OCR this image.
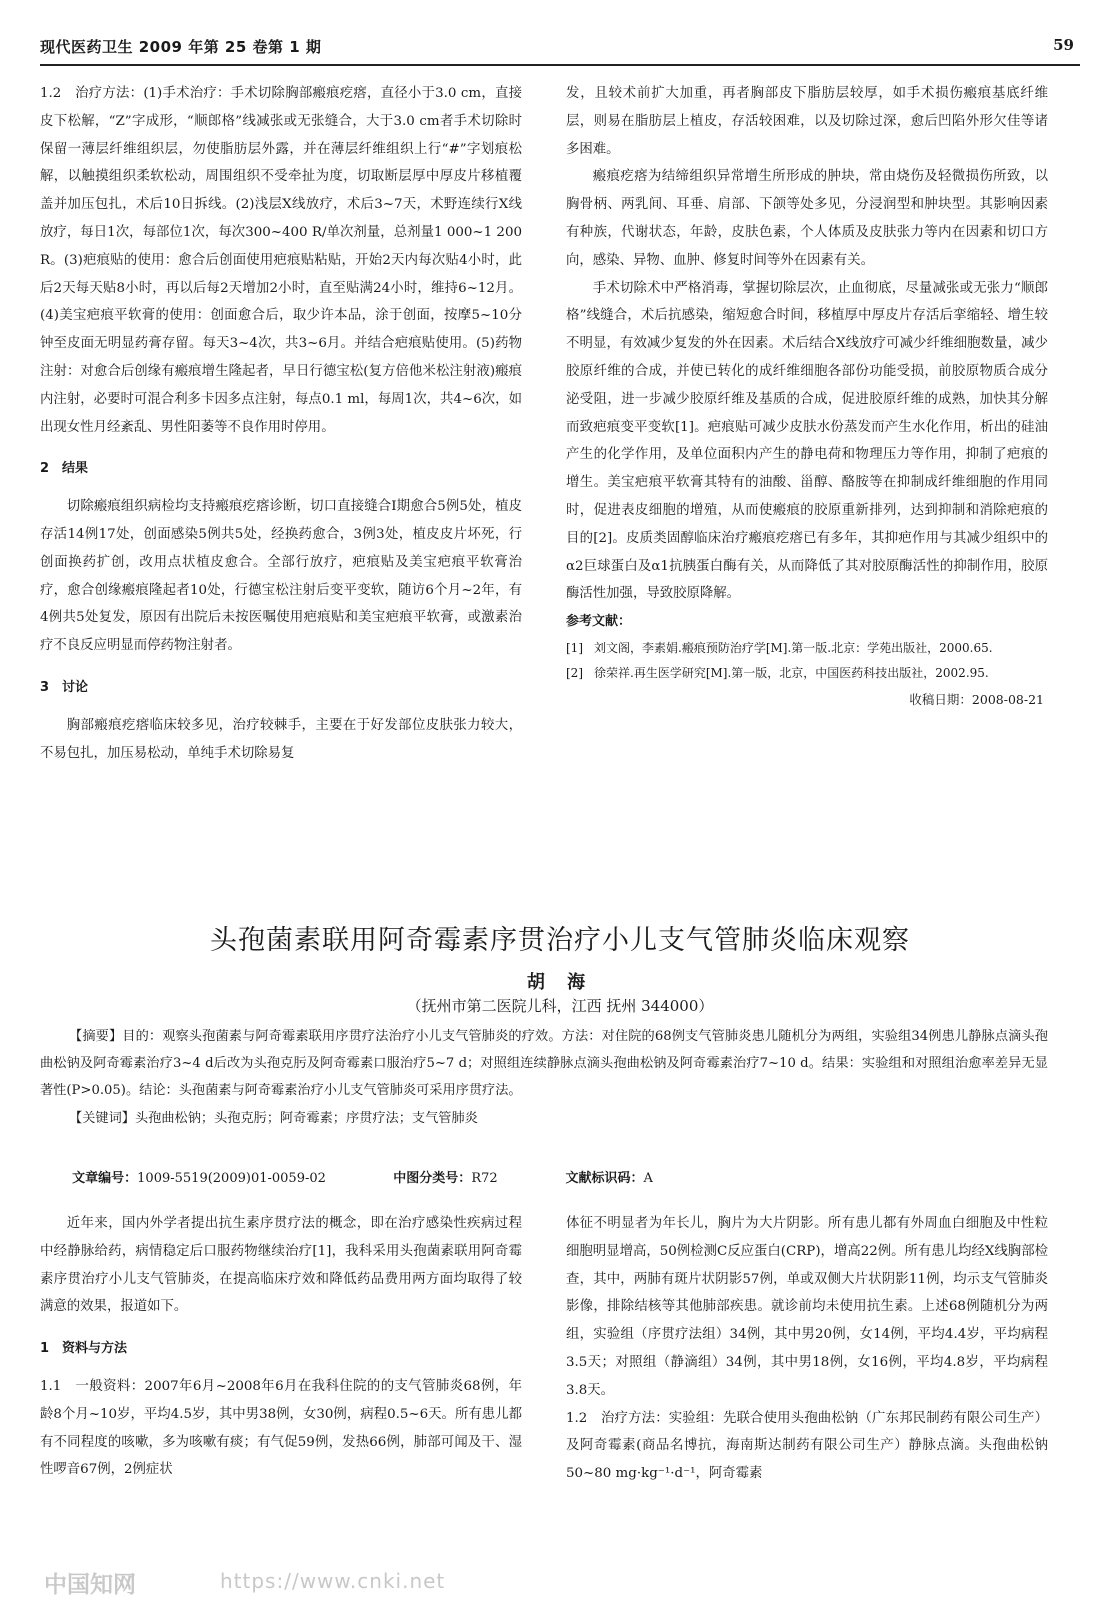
现代医药卫生 2009 年第 25 卷第 1 期	59

1.2　治疗方法：(1)手术治疗：手术切除胸部瘢痕疙瘩，直径小于3.0 cm，直接皮下松解，“Z”字成形，“顺郎格”线减张或无张缝合，大于3.0 cm者手术切除时保留一薄层纤维组织层，勿使脂肪层外露，并在薄层纤维组织上行“#”字划痕松解，以触摸组织柔软松动，周围组织不受牵扯为度，切取断层厚中厚皮片移植覆盖并加压包扎，术后10日拆线。(2)浅层X线放疗，术后3~7天，术野连续行X线放疗，每日1次，每部位1次，每次300~400 R/单次剂量，总剂量1 000~1 200 R。(3)疤痕贴的使用：愈合后创面使用疤痕贴粘贴，开始2天内每次贴4小时，此后2天每天贴8小时，再以后每2天增加2小时，直至贴满24小时，维持6~12月。(4)美宝疤痕平软膏的使用：创面愈合后，取少许本品，涂于创面，按摩5~10分钟至皮面无明显药膏存留。每天3~4次，共3~6月。并结合疤痕贴使用。(5)药物注射：对愈合后创缘有瘢痕增生隆起者，早日行德宝松(复方倍他米松注射液)瘢痕内注射，必要时可混合利多卡因多点注射，每点0.1 ml，每周1次，共4~6次，如出现女性月经紊乱、男性阳萎等不良作用时停用。

2　结果

切除瘢痕组织病检均支持瘢痕疙瘩诊断，切口直接缝合Ⅰ期愈合5例5处，植皮存活14例17处，创面感染5例共5处，经换药愈合，3例3处，植皮皮片坏死，行创面换药扩创，改用点状植皮愈合。全部行放疗，疤痕贴及美宝疤痕平软膏治疗，愈合创缘瘢痕隆起者10处，行德宝松注射后变平变软，随访6个月~2年，有4例共5处复发，原因有出院后未按医嘱使用疤痕贴和美宝疤痕平软膏，或激素治疗不良反应明显而停药物注射者。

3　讨论

胸部瘢痕疙瘩临床较多见，治疗较棘手，主要在于好发部位皮肤张力较大，不易包扎，加压易松动，单纯手术切除易复

发，且较术前扩大加重，再者胸部皮下脂肪层较厚，如手术损伤瘢痕基底纤维层，则易在脂肪层上植皮，存活较困难，以及切除过深，愈后凹陷外形欠佳等诸多困难。

瘢痕疙瘩为结缔组织异常增生所形成的肿块，常由烧伤及轻微损伤所致，以胸骨柄、两乳间、耳垂、肩部、下颌等处多见，分浸润型和肿块型。其影响因素有种族，代谢状态，年龄，皮肤色素，个人体质及皮肤张力等内在因素和切口方向，感染、异物、血肿、修复时间等外在因素有关。

手术切除术中严格消毒，掌握切除层次，止血彻底，尽量减张或无张力“顺郎格”线缝合，术后抗感染，缩短愈合时间，移植厚中厚皮片存活后挛缩轻、增生较不明显，有效减少复发的外在因素。术后结合X线放疗可减少纤维细胞数量，减少胶原纤维的合成，并使已转化的成纤维细胞各部份功能受损，前胶原物质合成分泌受阻，进一步减少胶原纤维及基质的合成，促进胶原纤维的成熟，加快其分解而致疤痕变平变软[1]。疤痕贴可减少皮肤水份蒸发而产生水化作用，析出的硅油产生的化学作用，及单位面积内产生的静电荷和物理压力等作用，抑制了疤痕的增生。美宝疤痕平软膏其特有的油酸、甾醇、酪胺等在抑制成纤维细胞的作用同时，促进表皮细胞的增殖，从而使瘢痕的胶原重新排列，达到抑制和消除疤痕的目的[2]。皮质类固醇临床治疗瘢痕疙瘩已有多年，其抑疤作用与其减少组织中的α2巨球蛋白及α1抗胰蛋白酶有关，从而降低了其对胶原酶活性的抑制作用，胶原酶活性加强，导致胶原降解。

参考文献：
[1] 刘文阁，李素娟.瘢痕预防治疗学[M].第一版.北京：学苑出版社，2000.65.
[2] 徐荣祥.再生医学研究[M].第一版，北京，中国医药科技出版社，2002.95.
收稿日期：2008-08-21
头孢菌素联用阿奇霉素序贯治疗小儿支气管肺炎临床观察
胡 海
（抚州市第二医院儿科，江西 抚州 344000）

【摘要】目的：观察头孢菌素与阿奇霉素联用序贯疗法治疗小儿支气管肺炎的疗效。方法：对住院的68例支气管肺炎患儿随机分为两组，实验组34例患儿静脉点滴头孢曲松钠及阿奇霉素治疗3~4 d后改为头孢克肟及阿奇霉素口服治疗5~7 d；对照组连续静脉点滴头孢曲松钠及阿奇霉素治疗7~10 d。结果：实验组和对照组治愈率差异无显著性(P>0.05)。结论：头孢菌素与阿奇霉素治疗小儿支气管肺炎可采用序贯疗法。

【关键词】头孢曲松钠；头孢克肟；阿奇霉素；序贯疗法；支气管肺炎

文章编号：1009-5519(2009)01-0059-02	中图分类号：R72	文献标识码：A

近年来，国内外学者提出抗生素序贯疗法的概念，即在治疗感染性疾病过程中经静脉给药，病情稳定后口服药物继续治疗[1]，我科采用头孢菌素联用阿奇霉素序贯治疗小儿支气管肺炎，在提高临床疗效和降低药品费用两方面均取得了较满意的效果，报道如下。

1　资料与方法

1.1　一般资料：2007年6月~2008年6月在我科住院的的支气管肺炎68例，年龄8个月~10岁，平均4.5岁，其中男38例，女30例，病程0.5~6天。所有患儿都有不同程度的咳嗽，多为咳嗽有痰；有气促59例，发热66例，肺部可闻及干、湿性啰音67例，2例症状

体征不明显者为年长儿，胸片为大片阴影。所有患儿都有外周血白细胞及中性粒细胞明显增高，50例检测C反应蛋白(CRP)，增高22例。所有患儿均经X线胸部检查，其中，两肺有斑片状阴影57例，单或双侧大片状阴影11例，均示支气管肺炎影像，排除结核等其他肺部疾患。就诊前均未使用抗生素。上述68例随机分为两组，实验组（序贯疗法组）34例，其中男20例，女14例，平均4.4岁，平均病程3.5天；对照组（静滴组）34例，其中男18例，女16例，平均4.8岁，平均病程3.8天。

1.2　治疗方法：实验组：先联合使用头孢曲松钠（广东邦民制药有限公司生产）及阿奇霉素(商品名博抗，海南斯达制药有限公司生产）静脉点滴。头孢曲松钠50~80 mg·kg⁻¹·d⁻¹，阿奇霉素

中国知网	https://www.cnki.net
